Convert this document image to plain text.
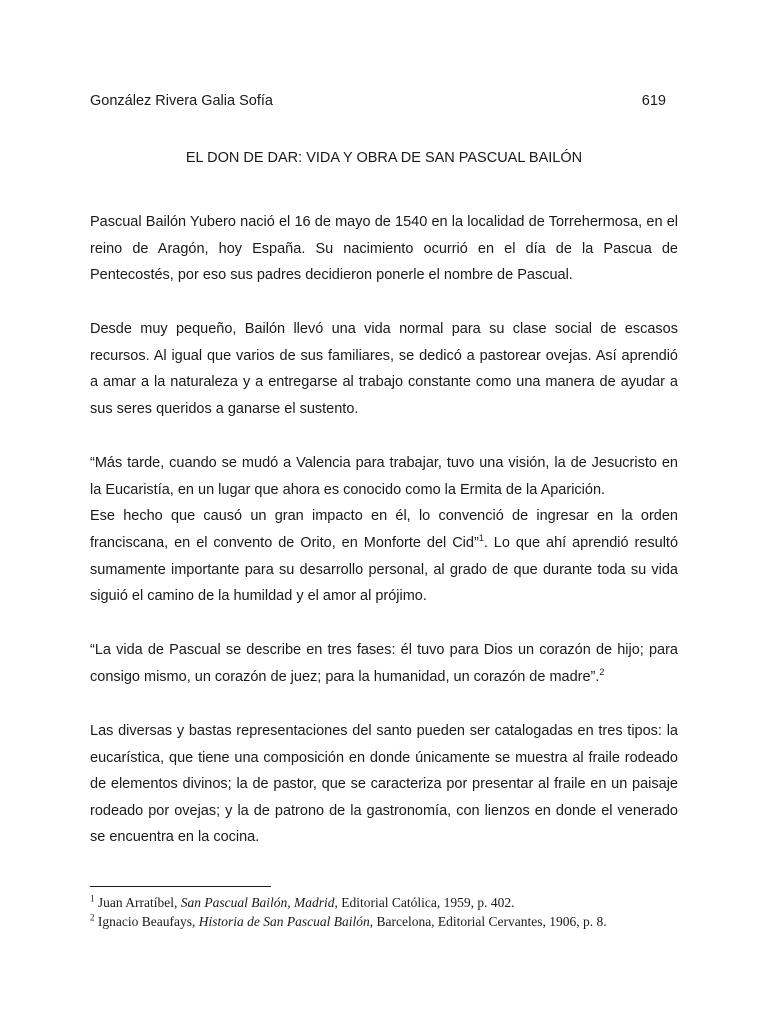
González Rivera Galia Sofía	619
EL DON DE DAR: VIDA Y OBRA DE SAN PASCUAL BAILÓN

Pascual Bailón Yubero nació el 16 de mayo de 1540 en la localidad de Torrehermosa, en el reino de Aragón, hoy España. Su nacimiento ocurrió en el día de la Pascua de Pentecostés, por eso sus padres decidieron ponerle el nombre de Pascual.

Desde muy pequeño, Bailón llevó una vida normal para su clase social de escasos recursos. Al igual que varios de sus familiares, se dedicó a pastorear ovejas. Así aprendió a amar a la naturaleza y a entregarse al trabajo constante como una manera de ayudar a sus seres queridos a ganarse el sustento.

“Más tarde, cuando se mudó a Valencia para trabajar, tuvo una visión, la de Jesucristo en la Eucaristía, en un lugar que ahora es conocido como la Ermita de la Aparición.
Ese hecho que causó un gran impacto en él, lo convenció de ingresar en la orden franciscana, en el convento de Orito, en Monforte del Cid”$^1$. Lo que ahí aprendió resultó sumamente importante para su desarrollo personal, al grado de que durante toda su vida siguió el camino de la humildad y el amor al prójimo.

“La vida de Pascual se describe en tres fases: él tuvo para Dios un corazón de hijo; para consigo mismo, un corazón de juez; para la humanidad, un corazón de madre”.$^2$

Las diversas y bastas representaciones del santo pueden ser catalogadas en tres tipos: la eucarística, que tiene una composición en donde únicamente se muestra al fraile rodeado de elementos divinos; la de pastor, que se caracteriza por presentar al fraile en un paisaje rodeado por ovejas; y la de patrono de la gastronomía, con lienzos en donde el venerado se encuentra en la cocina.

$^1$ Juan Arratíbel, San Pascual Bailón, Madrid, Editorial Católica, 1959, p. 402.
$^2$ Ignacio Beaufays, Historia de San Pascual Bailón, Barcelona, Editorial Cervantes, 1906, p. 8.
